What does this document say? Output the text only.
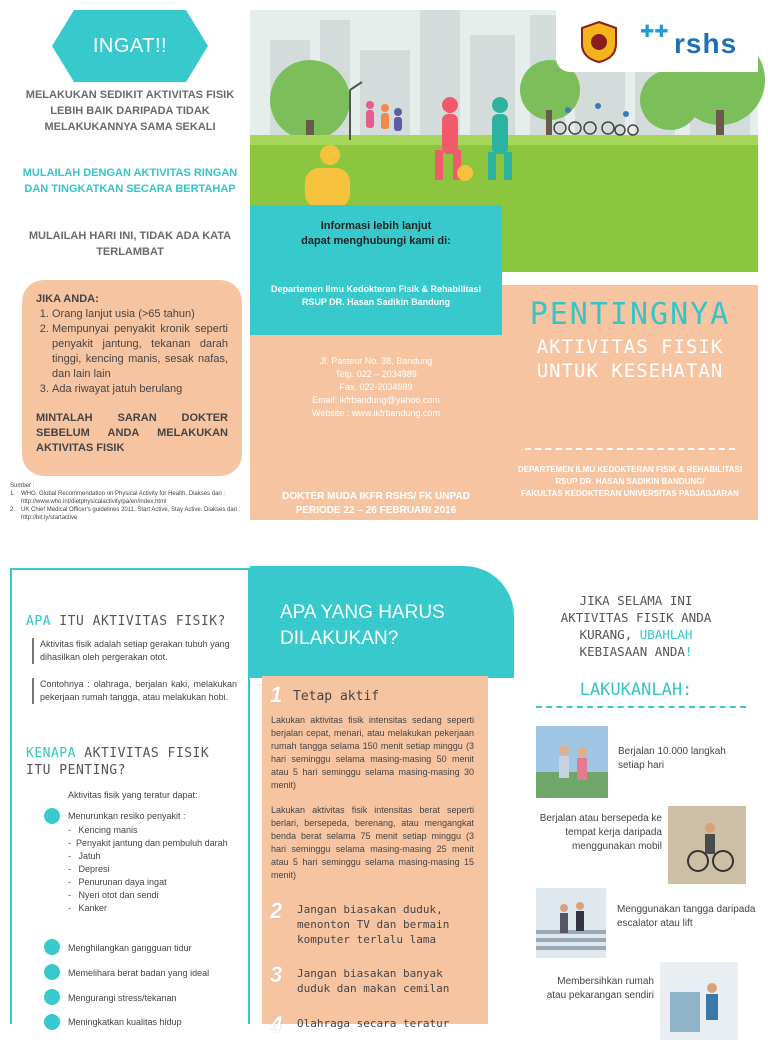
INGAT!!
MELAKUKAN SEDIKIT AKTIVITAS FISIK LEBIH BAIK DARIPADA TIDAK MELAKUKANNYA SAMA SEKALI
MULAILAH DENGAN AKTIVITAS RINGAN DAN TINGKATKAN SECARA BERTAHAP
MULAILAH HARI INI, TIDAK ADA KATA TERLAMBAT
JIKA ANDA:
1. Orang lanjut usia (>65 tahun)
2. Mempunyai penyakit kronik seperti penyakit jantung, tekanan darah tinggi, kencing manis, sesak nafas, dan lain lain
3. Ada riwayat jatuh berulang
MINTALAH SARAN DOKTER SEBELUM ANDA MELAKUKAN AKTIVITAS FISIK
Sumber :
1. WHO. Global Recommendation on Physical Activity for Health. Diakses dari : http://www.who.int/dietphysicalactivity/pa/en/index.html
2. UK Chief Medical Officer's guidelines 2011. Start Active, Stay Active. Diakses dari : http://bit.ly/startactive
✚✚ rshs
Informasi lebih lanjut
dapat menghubungi kami di:
Departemen Ilmu Kedokteran Fisik & Rehabilitasi
RSUP DR. Hasan Sadikin Bandung
Jl. Pasteur No. 38, Bandung
Telp. 022 – 2034989
Fax. 022-2034989
Email: ikfrbandung@yahoo.com
Website : www.ikfrbandung.com
DOKTER MUDA IKFR RSHS/ FK UNPAD
PERIODE 22 – 26 FEBRUARI 2016
PENTINGNYA
AKTIVITAS FISIK
UNTUK KESEHATAN
DEPARTEMEN ILMU KEDOKTERAN FISIK & REHABILITASI
RSUP DR. HASAN SADIKIN BANDUNG/
FAKULTAS KEDOKTERAN UNIVERSITAS PADJADJARAN
APA ITU AKTIVITAS FISIK?
Aktivitas fisik adalah setiap gerakan tubuh yang dihasilkan oleh pergerakan otot.
Contohnya : olahraga, berjalan kaki, melakukan pekerjaan rumah tangga, atau melakukan hobi.
KENAPA AKTIVITAS FISIK
ITU PENTING?
Aktivitas fisik yang teratur dapat:
Menurunkan resiko penyakit :
-   Kencing manis
- Penyakit jantung dan pembuluh darah
-   Jatuh
-   Depresi
-   Penurunan daya ingat
-   Nyeri otot dan sendi
-   Kanker
Menghilangkan gangguan tidur
Memelihara berat badan yang ideal
Mengurangi stress/tekanan
Meningkatkan kualitas hidup
APA YANG HARUS
DILAKUKAN?
1 Tetap aktif
Lakukan aktivitas fisik intensitas sedang seperti berjalan cepat, menari, atau melakukan pekerjaan rumah tangga selama 150 menit setiap minggu (3 hari seminggu selama masing-masing 50 menit atau 5 hari seminggu selama masing-masing 30 menit)
Lakukan aktivitas fisik intensitas berat seperti berlari, bersepeda, berenang, atau mengangkat benda berat selama 75 menit setiap minggu (3 hari seminggu selama masing-masing 25 menit atau 5 hari seminggu selama masing-masing 15 menit)
2 Jangan biasakan duduk, menonton TV dan bermain komputer terlalu lama
3 Jangan biasakan banyak duduk dan makan cemilan
4 Olahraga secara teratur
JIKA SELAMA INI
AKTIVITAS FISIK ANDA
KURANG, UBAHLAH
KEBIASAAN ANDA!
LAKUKANLAH:
Berjalan 10.000 langkah setiap hari
Berjalan atau bersepeda ke tempat kerja daripada menggunakan mobil
Menggunakan tangga daripada escalator atau lift
Membersihkan rumah atau pekarangan sendiri
